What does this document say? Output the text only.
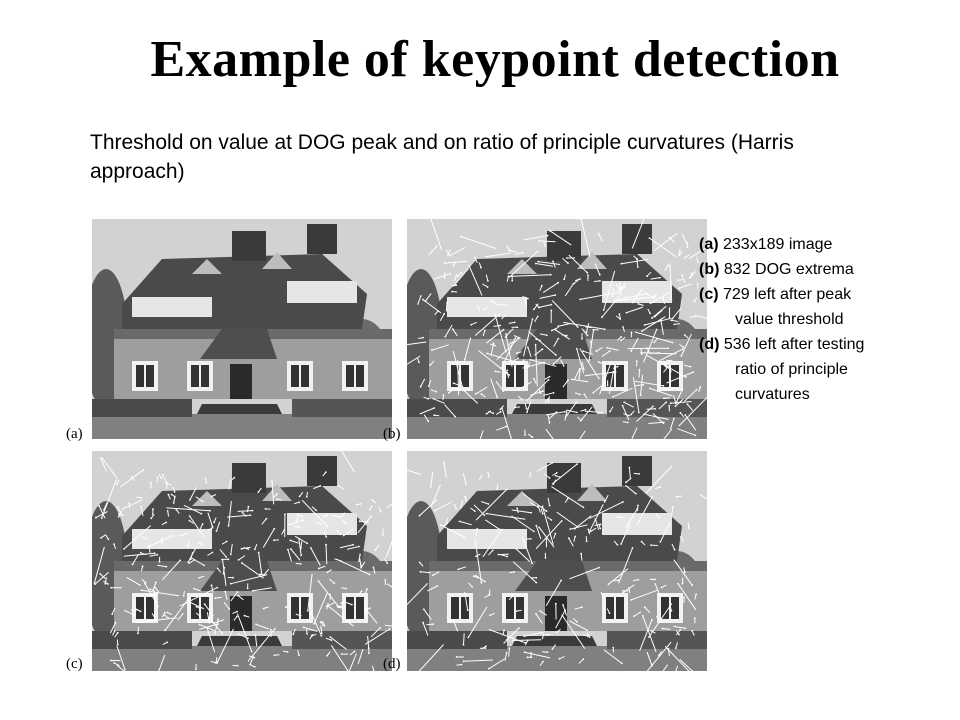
Example of keypoint detection
Threshold on value at DOG peak and on ratio of principle curvatures (Harris approach)
(a)	(b)
(c)	(d)
(a) 233x189 image
(b) 832 DOG extrema
(c) 729 left after peak
value threshold
(d) 536 left after testing
ratio of principle
curvatures
